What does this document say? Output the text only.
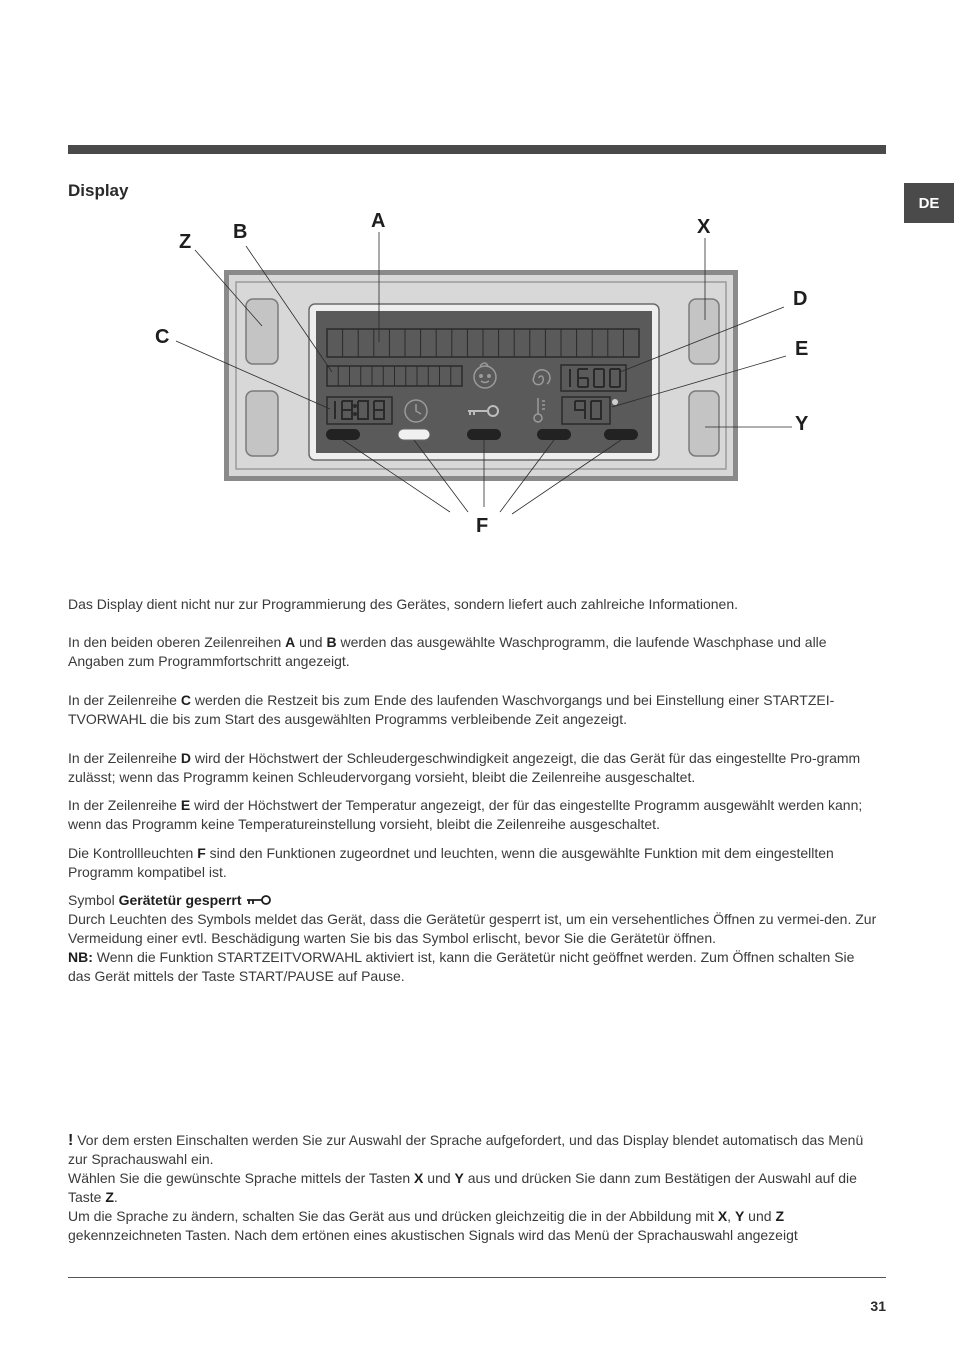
DE
Display
A
B
Z
C
X
D
E
Y
F

Das Display dient nicht nur zur Programmierung des Gerätes, sondern liefert auch zahlreiche Informationen.

In den beiden oberen Zeilenreihen A und B werden das ausgewählte Waschprogramm, die laufende Waschphase und alle Angaben zum Programmfortschritt angezeigt.

In der Zeilenreihe C werden die Restzeit bis zum Ende des laufenden Waschvorgangs und bei Einstellung einer STARTZEI-TVORWAHL die bis zum Start des ausgewählten Programms verbleibende Zeit angezeigt.

In der Zeilenreihe D wird der Höchstwert der Schleudergeschwindigkeit angezeigt, die das Gerät für das eingestellte Pro-gramm zulässt; wenn das Programm keinen Schleudervorgang vorsieht, bleibt die Zeilenreihe ausgeschaltet.

In der Zeilenreihe E wird der Höchstwert der Temperatur angezeigt, der für das eingestellte Programm ausgewählt werden kann; wenn das Programm keine Temperatureinstellung vorsieht, bleibt die Zeilenreihe ausgeschaltet.

Die Kontrollleuchten F sind den Funktionen zugeordnet und leuchten, wenn die ausgewählte Funktion mit dem eingestellten Programm kompatibel ist.

Symbol Gerätetür gesperrt

Durch Leuchten des Symbols meldet das Gerät, dass die Gerätetür gesperrt ist, um ein versehentliches Öffnen zu vermei-den. Zur Vermeidung einer evtl. Beschädigung warten Sie bis das Symbol erlischt, bevor Sie die Gerätetür öffnen.

NB: Wenn die Funktion STARTZEITVORWAHL aktiviert ist, kann die Gerätetür nicht geöffnet werden. Zum Öffnen schalten Sie das Gerät mittels der Taste START/PAUSE auf Pause.

! Vor dem ersten Einschalten werden Sie zur Auswahl der Sprache aufgefordert, und das Display blendet automatisch das Menü zur Sprachauswahl ein.

Wählen Sie die gewünschte Sprache mittels der Tasten X und Y aus und drücken Sie dann zum Bestätigen der Auswahl auf die Taste Z.

Um die Sprache zu ändern, schalten Sie das Gerät aus und drücken gleichzeitig die in der Abbildung mit X, Y und Z gekennzeichneten Tasten. Nach dem ertönen eines akustischen Signals wird das Menü der Sprachauswahl angezeigt

31
